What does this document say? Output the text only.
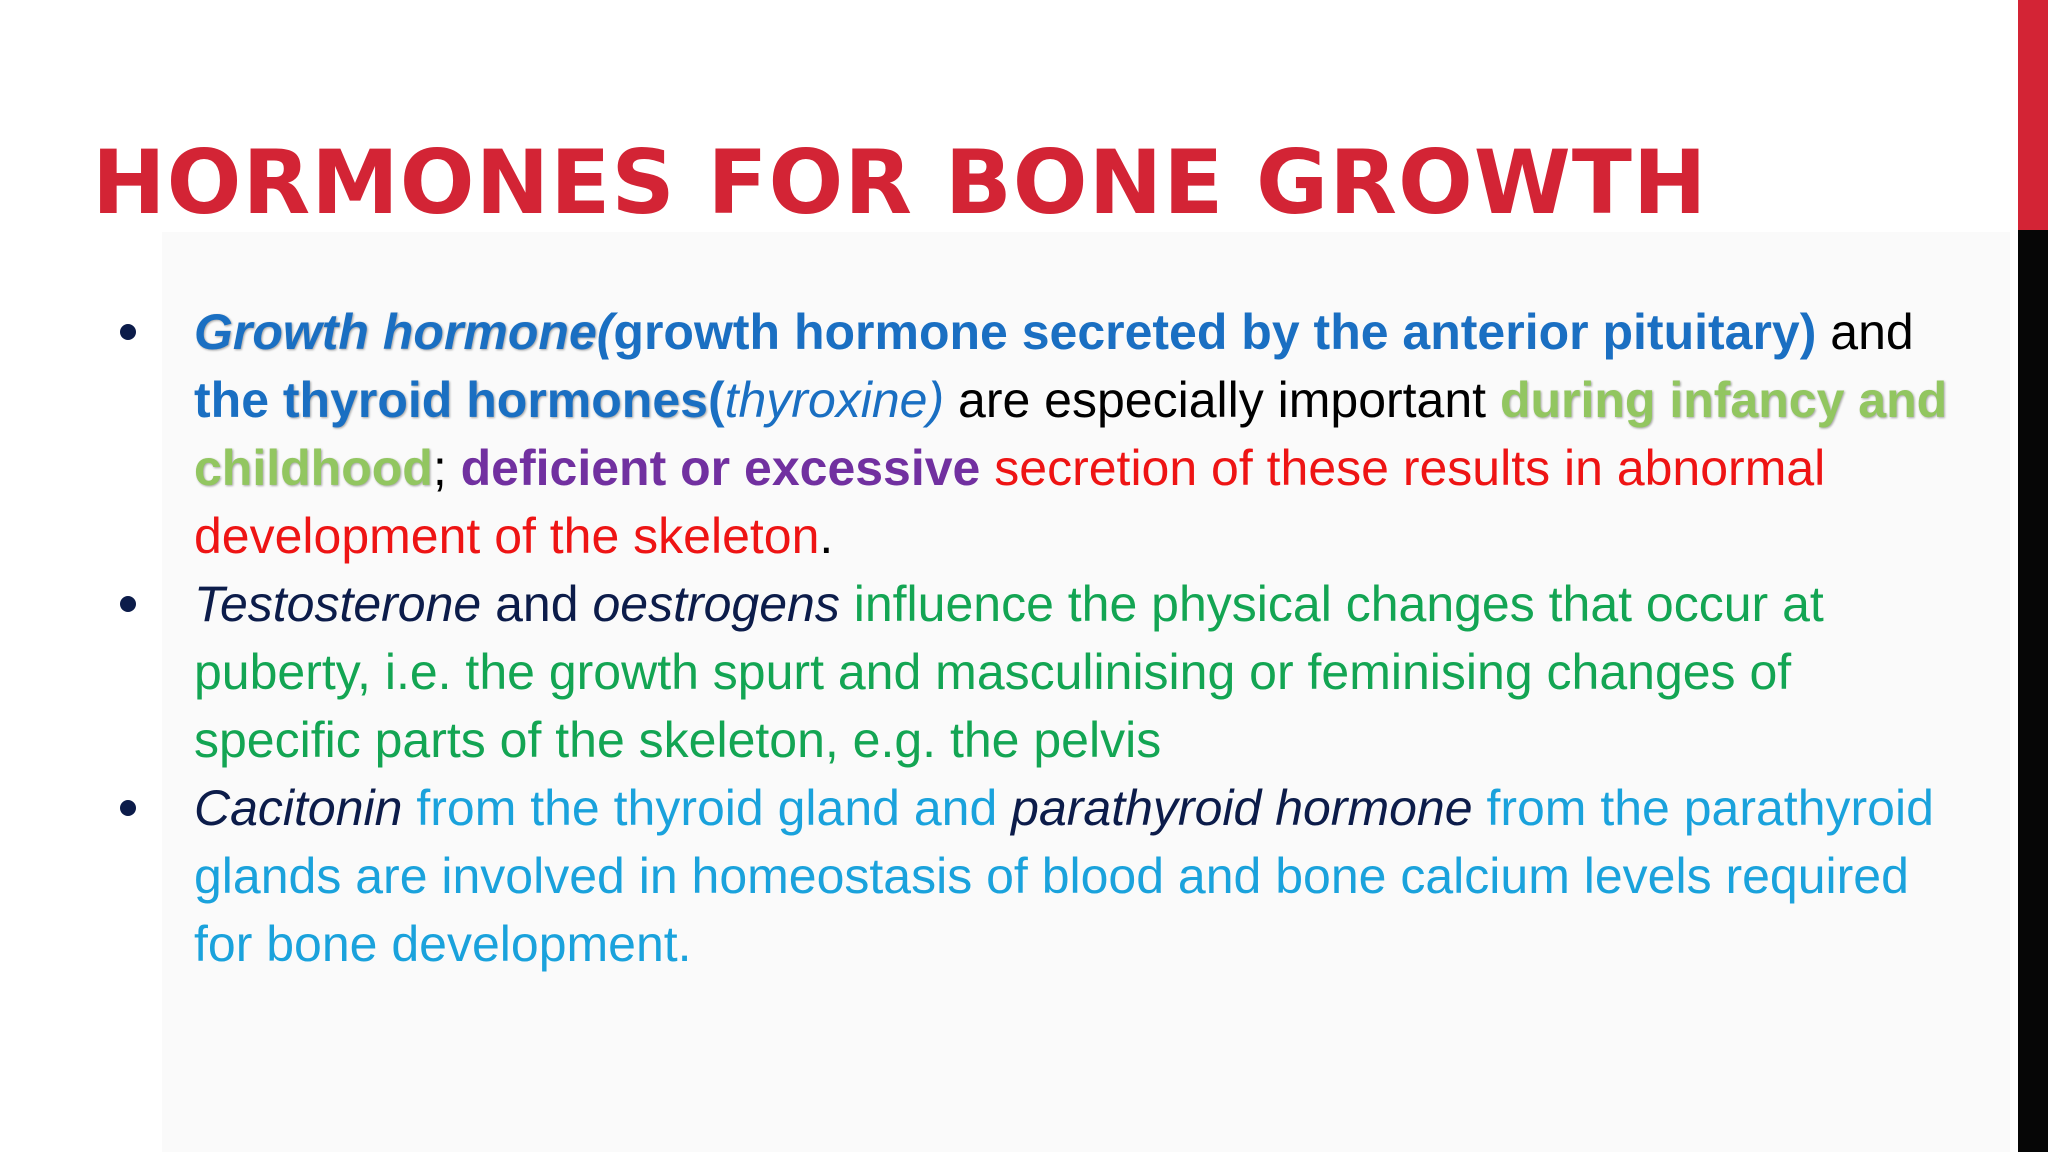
HORMONES FOR BONE GROWTH
Growth hormone(growth hormone secreted by the anterior pituitary) and the thyroid hormones(thyroxine) are especially important during infancy and childhood; deficient or excessive secretion of these results in abnormal development of the skeleton.
Testosterone and oestrogens influence the physical changes that occur at puberty, i.e. the growth spurt and masculinising or feminising changes of specific parts of the skeleton, e.g. the pelvis
Cacitonin from the thyroid gland and parathyroid hormone from the parathyroid glands are involved in homeostasis of blood and bone calcium levels required for bone development.
